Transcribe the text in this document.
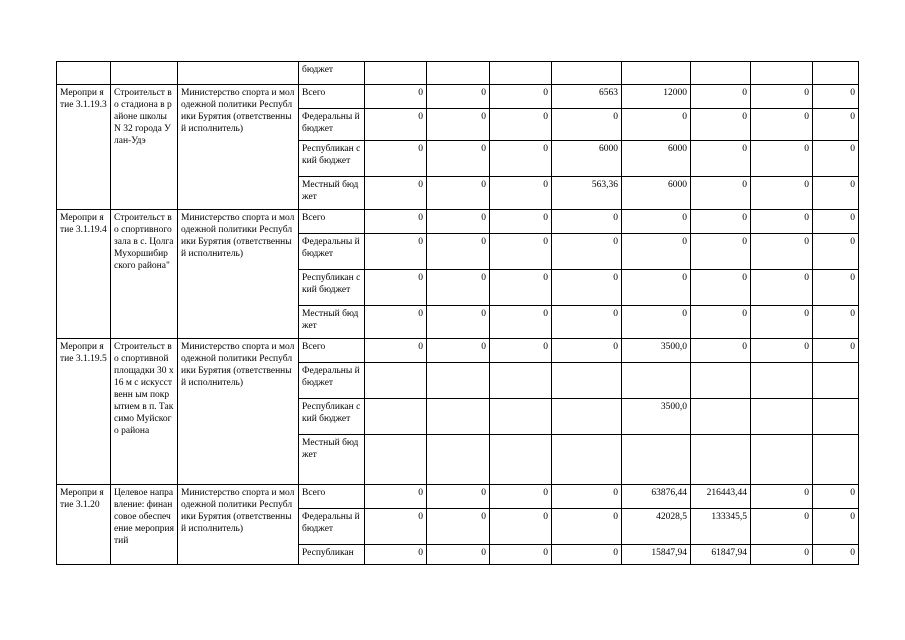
			бюджет								
Меропри ятие 3.1.19.3	Строительст во стадиона в районе школы N 32 города Улан-Удэ	Министерство спорта и молодежной политики Республики Бурятия (ответственный исполнитель)	Всего	0	0	0	6563	12000	0	0	0
			Федеральны й бюджет	0	0	0	0	0	0	0	0
			Республикан ский бюджет	0	0	0	6000	6000	0	0	0
			Местный бюджет	0	0	0	563,36	6000	0	0	0
Меропри ятие 3.1.19.4	Строительст во спортивного зала в с. Цолга Мухоршибир ского района"	Министерство спорта и молодежной политики Республики Бурятия (ответственный исполнитель)	Всего	0	0	0	0	0	0	0	0
			Федеральны й бюджет	0	0	0	0	0	0	0	0
			Республикан ский бюджет	0	0	0	0	0	0	0	0
			Местный бюджет	0	0	0	0	0	0	0	0
Меропри ятие 3.1.19.5	Строительст во спортивной площадки 30 х 16 м с искусственн ым покрытием в п. Таксимо Муйского района	Министерство спорта и молодежной политики Республики Бурятия (ответственный исполнитель)	Всего	0	0	0	0	3500,0	0	0	0
			Федеральны й бюджет								
			Республикан ский бюджет					3500,0			
			Местный бюджет								
Меропри ятие 3.1.20	Целевое направление: финансовое обеспечение мероприятий	Министерство спорта и молодежной политики Республики Бурятия (ответственный исполнитель)	Всего	0	0	0	0	63876,44	216443,44	0	0
			Федеральны й бюджет	0	0	0	0	42028,5	133345,5	0	0
			Республикан	0	0	0	0	15847,94	61847,94	0	0
